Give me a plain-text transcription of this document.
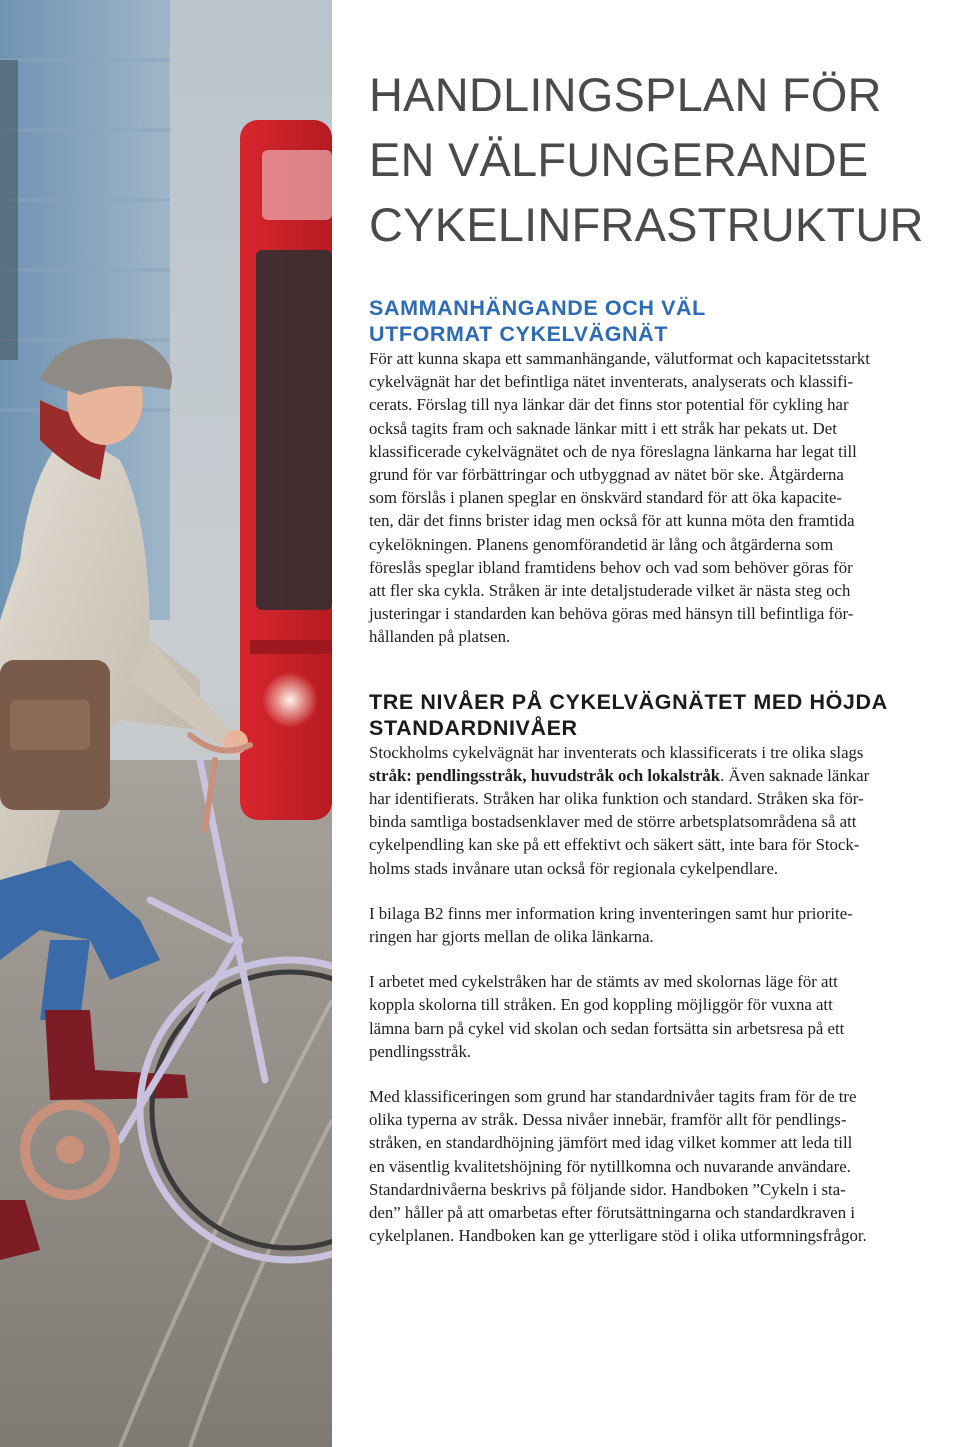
HANDLINGSPLAN FÖR
EN VÄLFUNGERANDE
CYKELINFRASTRUKTUR
SAMMANHÄNGANDE OCH VÄL
UTFORMAT CYKELVÄGNÄT

För att kunna skapa ett sammanhängande, välutformat och kapacitetsstarkt
cykelvägnät har det befintliga nätet inventerats, analyserats och klassifi-
cerats. Förslag till nya länkar där det finns stor potential för cykling har
också tagits fram och saknade länkar mitt i ett stråk har pekats ut. Det
klassificerade cykelvägnätet och de nya föreslagna länkarna har legat till
grund för var förbättringar och utbyggnad av nätet bör ske. Åtgärderna
som förslås i planen speglar en önskvärd standard för att öka kapacite-
ten, där det finns brister idag men också för att kunna möta den framtida
cykelökningen. Planens genomförandetid är lång och åtgärderna som
föreslås speglar ibland framtidens behov och vad som behöver göras för
att fler ska cykla. Stråken är inte detaljstuderade vilket är nästa steg och
justeringar i standarden kan behöva göras med hänsyn till befintliga för-
hållanden på platsen.

TRE NIVÅER PÅ CYKELVÄGNÄTET MED HÖJDA
STANDARDNIVÅER

Stockholms cykelvägnät har inventerats och klassificerats i tre olika slags
stråk: pendlingsstråk, huvudstråk och lokalstråk. Även saknade länkar
har identifierats. Stråken har olika funktion och standard. Stråken ska för-
binda samtliga bostadsenklaver med de större arbetsplatsområdena så att
cykelpendling kan ske på ett effektivt och säkert sätt, inte bara för Stock-
holms stads invånare utan också för regionala cykelpendlare.

I bilaga B2 finns mer information kring inventeringen samt hur priorite-
ringen har gjorts mellan de olika länkarna.

I arbetet med cykelstråken har de stämts av med skolornas läge för att
koppla skolorna till stråken. En god koppling möjliggör för vuxna att
lämna barn på cykel vid skolan och sedan fortsätta sin arbetsresa på ett
pendlingsstråk.

Med klassificeringen som grund har standardnivåer tagits fram för de tre
olika typerna av stråk. Dessa nivåer innebär, framför allt för pendlings-
stråken, en standardhöjning jämfört med idag vilket kommer att leda till
en väsentlig kvalitetshöjning för nytillkomna och nuvarande användare.
Standardnivåerna beskrivs på följande sidor. Handboken ”Cykeln i sta-
den” håller på att omarbetas efter förutsättningarna och standardkraven i
cykelplanen. Handboken kan ge ytterligare stöd i olika utformningsfrågor.
